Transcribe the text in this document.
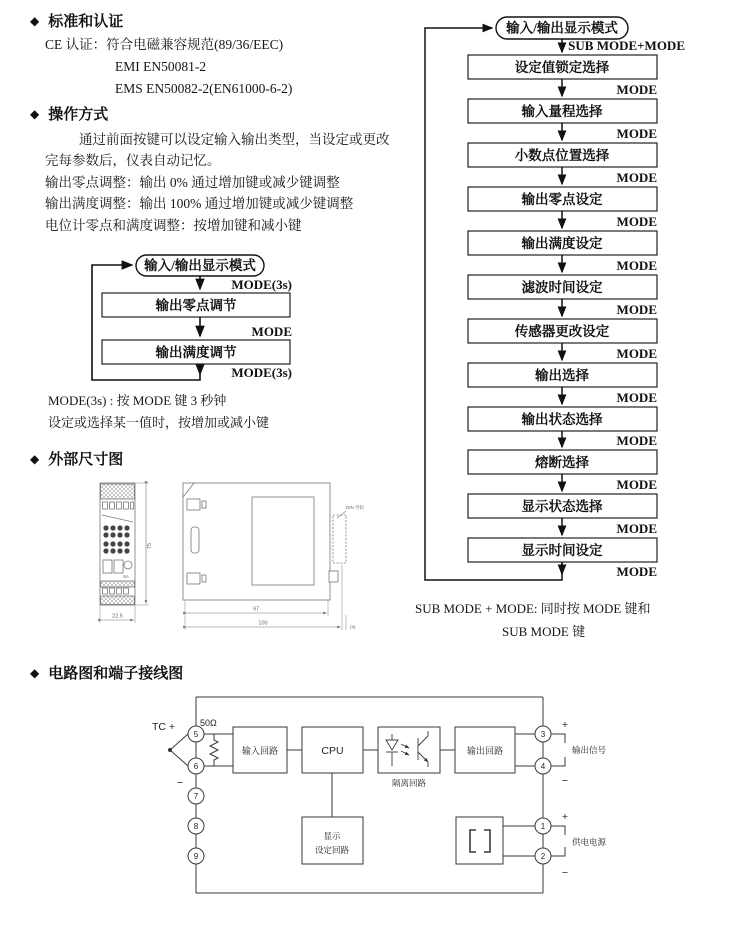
◆ 标准和认证
CE 认证：符合电磁兼容规范(89/36/EEC)
EMI EN50081-2
EMS EN50082-2(EN61000-6-2)
◆ 操作方式
通过前面按键可以设定输入输出类型，当设定或更改
完每参数后，仪表自动记忆。
输出零点调整：输出 0% 通过增加键或减少键调整
输出满度调整：输出 100% 通过增加键或减少键调整
电位计零点和满度调整：按增加键和减小键
输入/输出显示模式
MODE(3s)
输出零点调节
MODE
输出满度调节
MODE(3s)
MODE(3s) : 按 MODE 键 3 秒钟
设定或选择某一值时，按增加或减小键
◆ 外部尺寸图
5A
75
22.5
DIN 导轨
97
100
(4)
输入/输出显示模式
SUB MODE+MODE
设定值锁定选择
MODE
输入量程选择
MODE
小数点位置选择
MODE
输出零点设定
MODE
输出满度设定
MODE
滤波时间设定
MODE
传感器更改设定
MODE
输出选择
MODE
输出状态选择
MODE
熔断选择
MODE
显示状态选择
MODE
显示时间设定
MODE
SUB MODE + MODE: 同时按 MODE 键和
SUB MODE 键
◆ 电路图和端子接线图
TC +	50Ω
−
输入回路	CPU
隔离回路
输出回路
显示
设定回路
+
−
输出信号
+
−
供电电源
5
6
7
8
9
3
4
1
2
